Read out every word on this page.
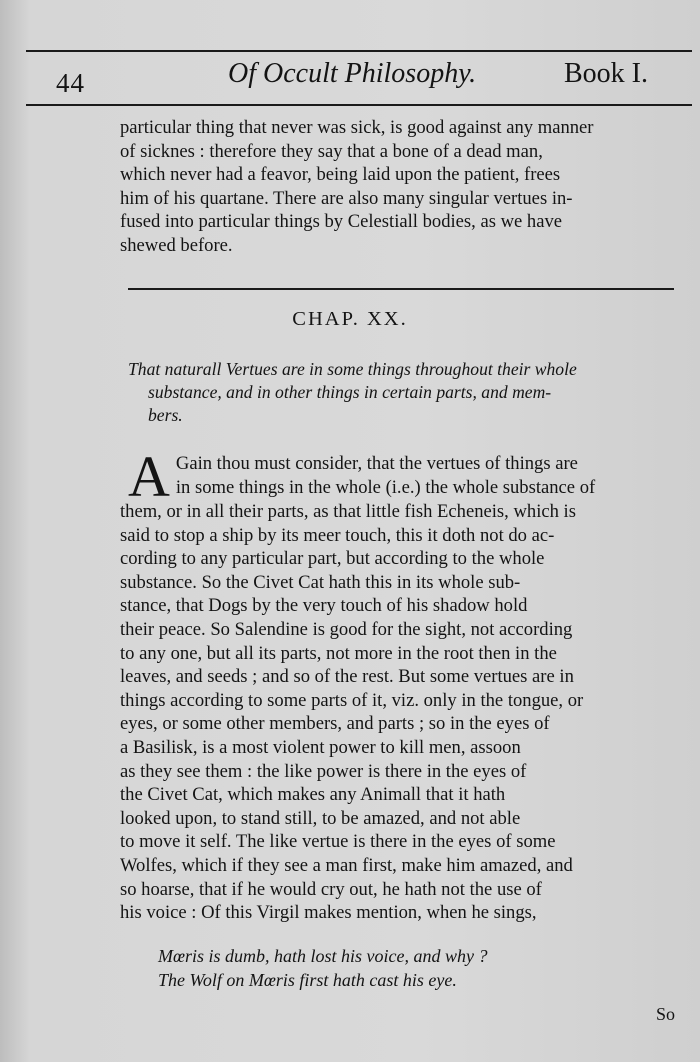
44	Of Occult Philosophy.	Book I.
particular thing that never was sick, is good against any manner
of sicknes : therefore they say that a bone of a dead man,
which never had a feavor, being laid upon the patient, frees
him of his quartane. There are also many singular vertues in-
fused into particular things by Celestiall bodies, as we have
shewed before.
CHAP. XX.
That naturall Vertues are in some things throughout their whole
substance, and in other things in certain parts, and mem-
bers.
A Gain thou must consider, that the vertues of things are
in some things in the whole (i.e.) the whole substance of
them, or in all their parts, as that little fish Echeneis, which is
said to stop a ship by its meer touch, this it doth not do ac-
cording to any particular part, but according to the whole
substance. So the Civet Cat hath this in its whole sub-
stance, that Dogs by the very touch of his shadow hold
their peace. So Salendine is good for the sight, not according
to any one, but all its parts, not more in the root then in the
leaves, and seeds ; and so of the rest. But some vertues are in
things according to some parts of it, viz. only in the tongue, or
eyes, or some other members, and parts ; so in the eyes of
a Basilisk, is a most violent power to kill men, assoon
as they see them : the like power is there in the eyes of
the Civet Cat, which makes any Animall that it hath
looked upon, to stand still, to be amazed, and not able
to move it self. The like vertue is there in the eyes of some
Wolfes, which if they see a man first, make him amazed, and
so hoarse, that if he would cry out, he hath not the use of
his voice : Of this Virgil makes mention, when he sings,
Mœris is dumb, hath lost his voice, and why ?
The Wolf on Mœris first hath cast his eye.
So
